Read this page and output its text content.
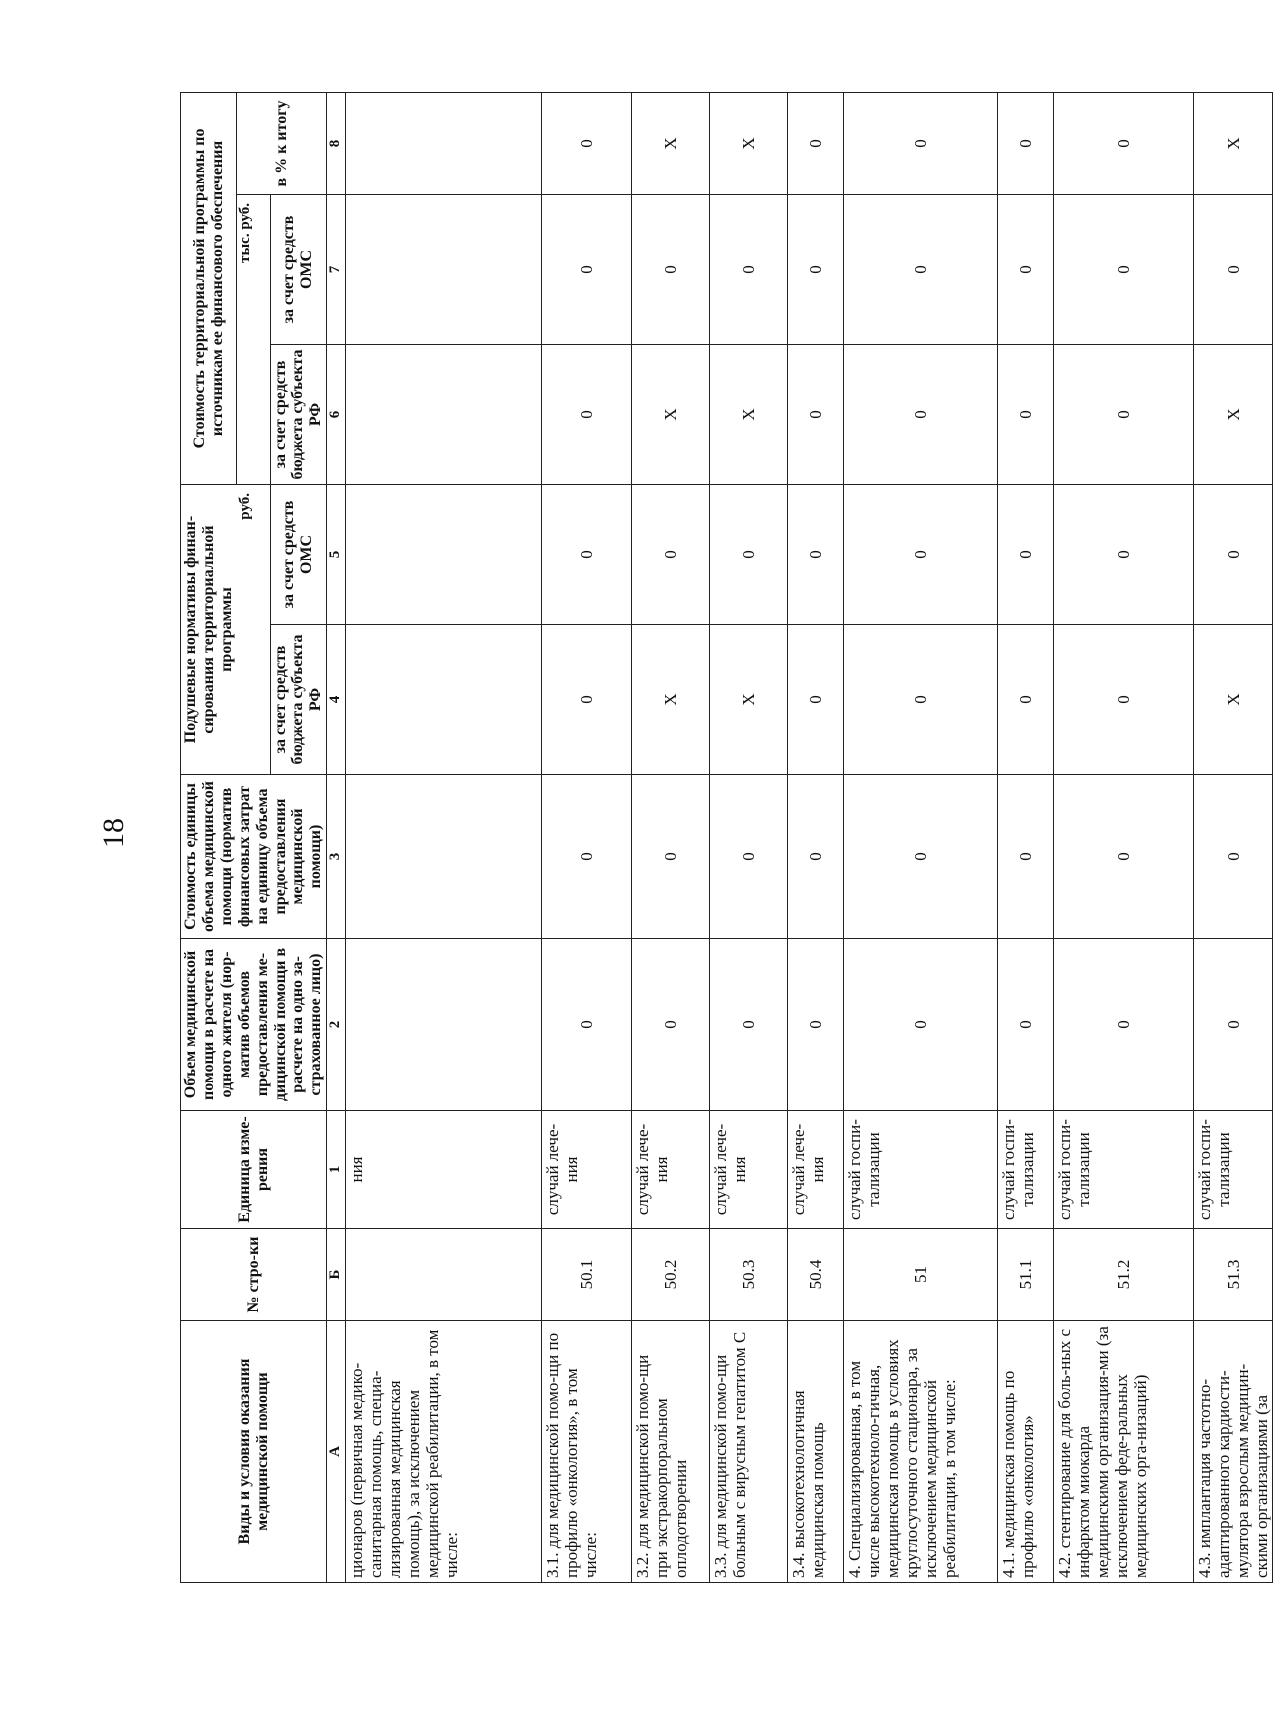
18
Виды и условия оказания медицинской помощи	№ стро-ки	Единица изме-рения	Объем медицинской помощи в расчете на одного жителя (нор-матив объемов предоставления ме-дицинской помощи в расчете на одно за-страхованное лицо)	Стоимость единицы объема медицинской помощи (норматив финансовых затрат на единицу объема предоставления медицинской помощи)	Подушевые нормативы финан-сирования территориальной программы		Стоимость территориальной программы по источникам ее финансового обеспечения		
					руб.		тыс. руб.		в % к итогу
					за счет средств бюджета субъекта РФ	за счет средств ОМС	за счет средств бюджета субъекта РФ	за счет средств ОМС	
А	Б	1	2	3	4	5	6	7	8
ционаров (первичная медико-санитарная помощь, специа-лизированная медицинская помощь), за исключением медицинской реабилитации, в том числе:		ния							
3.1. для медицинской помо-щи по профилю «онкология», в том числе:	50.1	случай лече-ния	0	0	0	0	0	0	0
3.2. для медицинской помо-щи при экстракорпоральном оплодотворении	50.2	случай лече-ния	0	0	X	0	X	0	X
3.3. для медицинской помо-щи больным с вирусным гепатитом С	50.3	случай лече-ния	0	0	X	0	X	0	X
3.4. высокотехнологичная медицинская помощь	50.4	случай лече-ния	0	0	0	0	0	0	0
4. Специализированная, в том числе высокотехноло-гичная, медицинская помощь в условиях круглосуточного стационара, за исключением медицинской реабилитации, в том числе:	51	случай госпи-тализации	0	0	0	0	0	0	0
4.1. медицинская помощь по профилю «онкология»	51.1	случай госпи-тализации	0	0	0	0	0	0	0
4.2. стентирование для боль-ных с инфарктом миокарда медицинскими организация-ми (за исключением феде-ральных медицинских орга-низаций)	51.2	случай госпи-тализации	0	0	0	0	0	0	0
4.3. имплантация частотно-адаптированного кардиости-мулятора взрослым медицин-скими организациями (за	51.3	случай госпи-тализации	0	0	X	0	X	0	X
